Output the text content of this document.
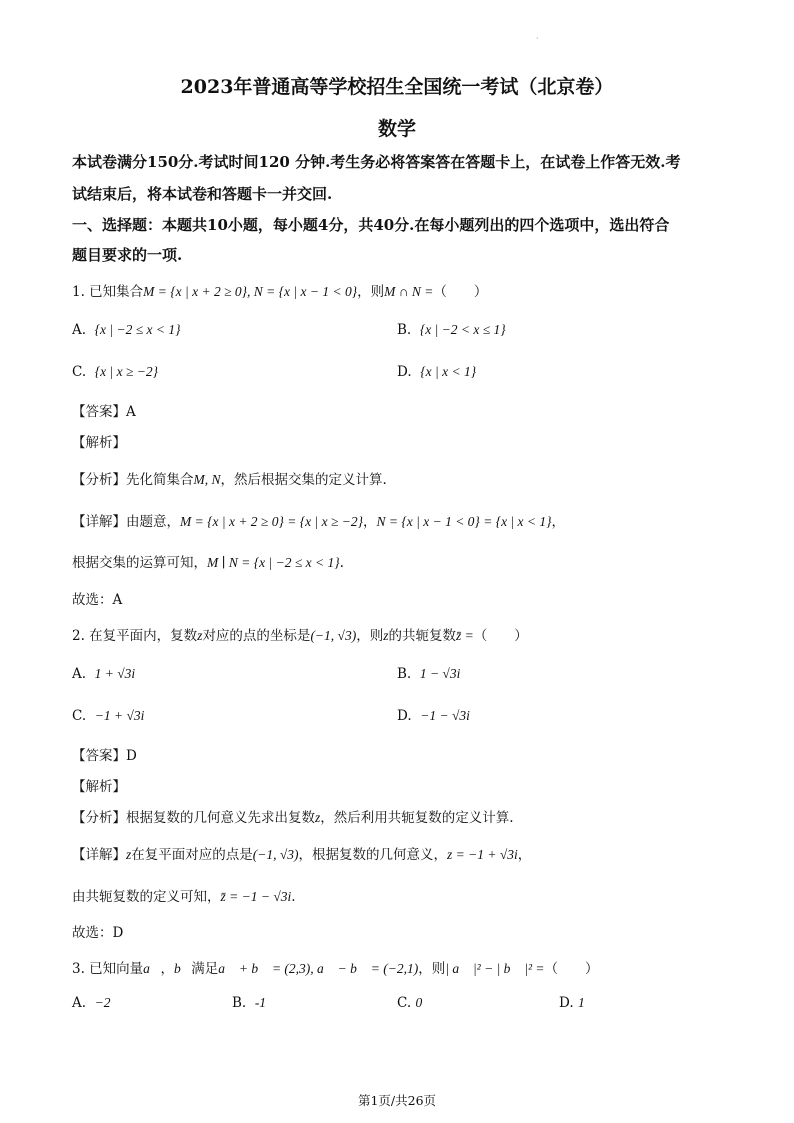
·
2023年普通高等学校招生全国统一考试（北京卷）
数学
本试卷满分150分.考试时间120 分钟.考生务必将答案答在答题卡上，在试卷上作答无效.考
试结束后，将本试卷和答题卡一并交回.
一、选择题：本题共10小题，每小题4分，共40分.在每小题列出的四个选项中，选出符合
题目要求的一项.
1. 已知集合M = {x | x + 2 ≥ 0}, N = {x | x − 1 < 0}，则M ∩ N =（　　）
A. {x | −2 ≤ x < 1}	B. {x | −2 < x ≤ 1}
C. {x | x ≥ −2}	D. {x | x < 1}
【答案】A
【解析】
【分析】先化简集合M, N，然后根据交集的定义计算.
【详解】由题意，M = {x | x + 2 ≥ 0} = {x | x ≥ −2}，N = {x | x − 1 < 0} = {x | x < 1}，
根据交集的运算可知，M ∣ N = {x | −2 ≤ x < 1}.
故选：A
2. 在复平面内，复数z对应的点的坐标是(−1, √3)，则z的共轭复数z̄ =（　　）
A. 1 + √3i	B. 1 − √3i
C. −1 + √3i	D. −1 − √3i
【答案】D
【解析】
【分析】根据复数的几何意义先求出复数z，然后利用共轭复数的定义计算.
【详解】z在复平面对应的点是(−1, √3)，根据复数的几何意义，z = −1 + √3i，
由共轭复数的定义可知，z̄ = −1 − √3i.
故选：D
3. 已知向量a⃗，b⃗满足a⃗ + b⃗ = (2,3), a⃗ − b⃗ = (−2,1)，则| a⃗ |² − | b⃗ |² =（　　）
A. −2	B. -1	C. 0	D. 1
第1页/共26页
